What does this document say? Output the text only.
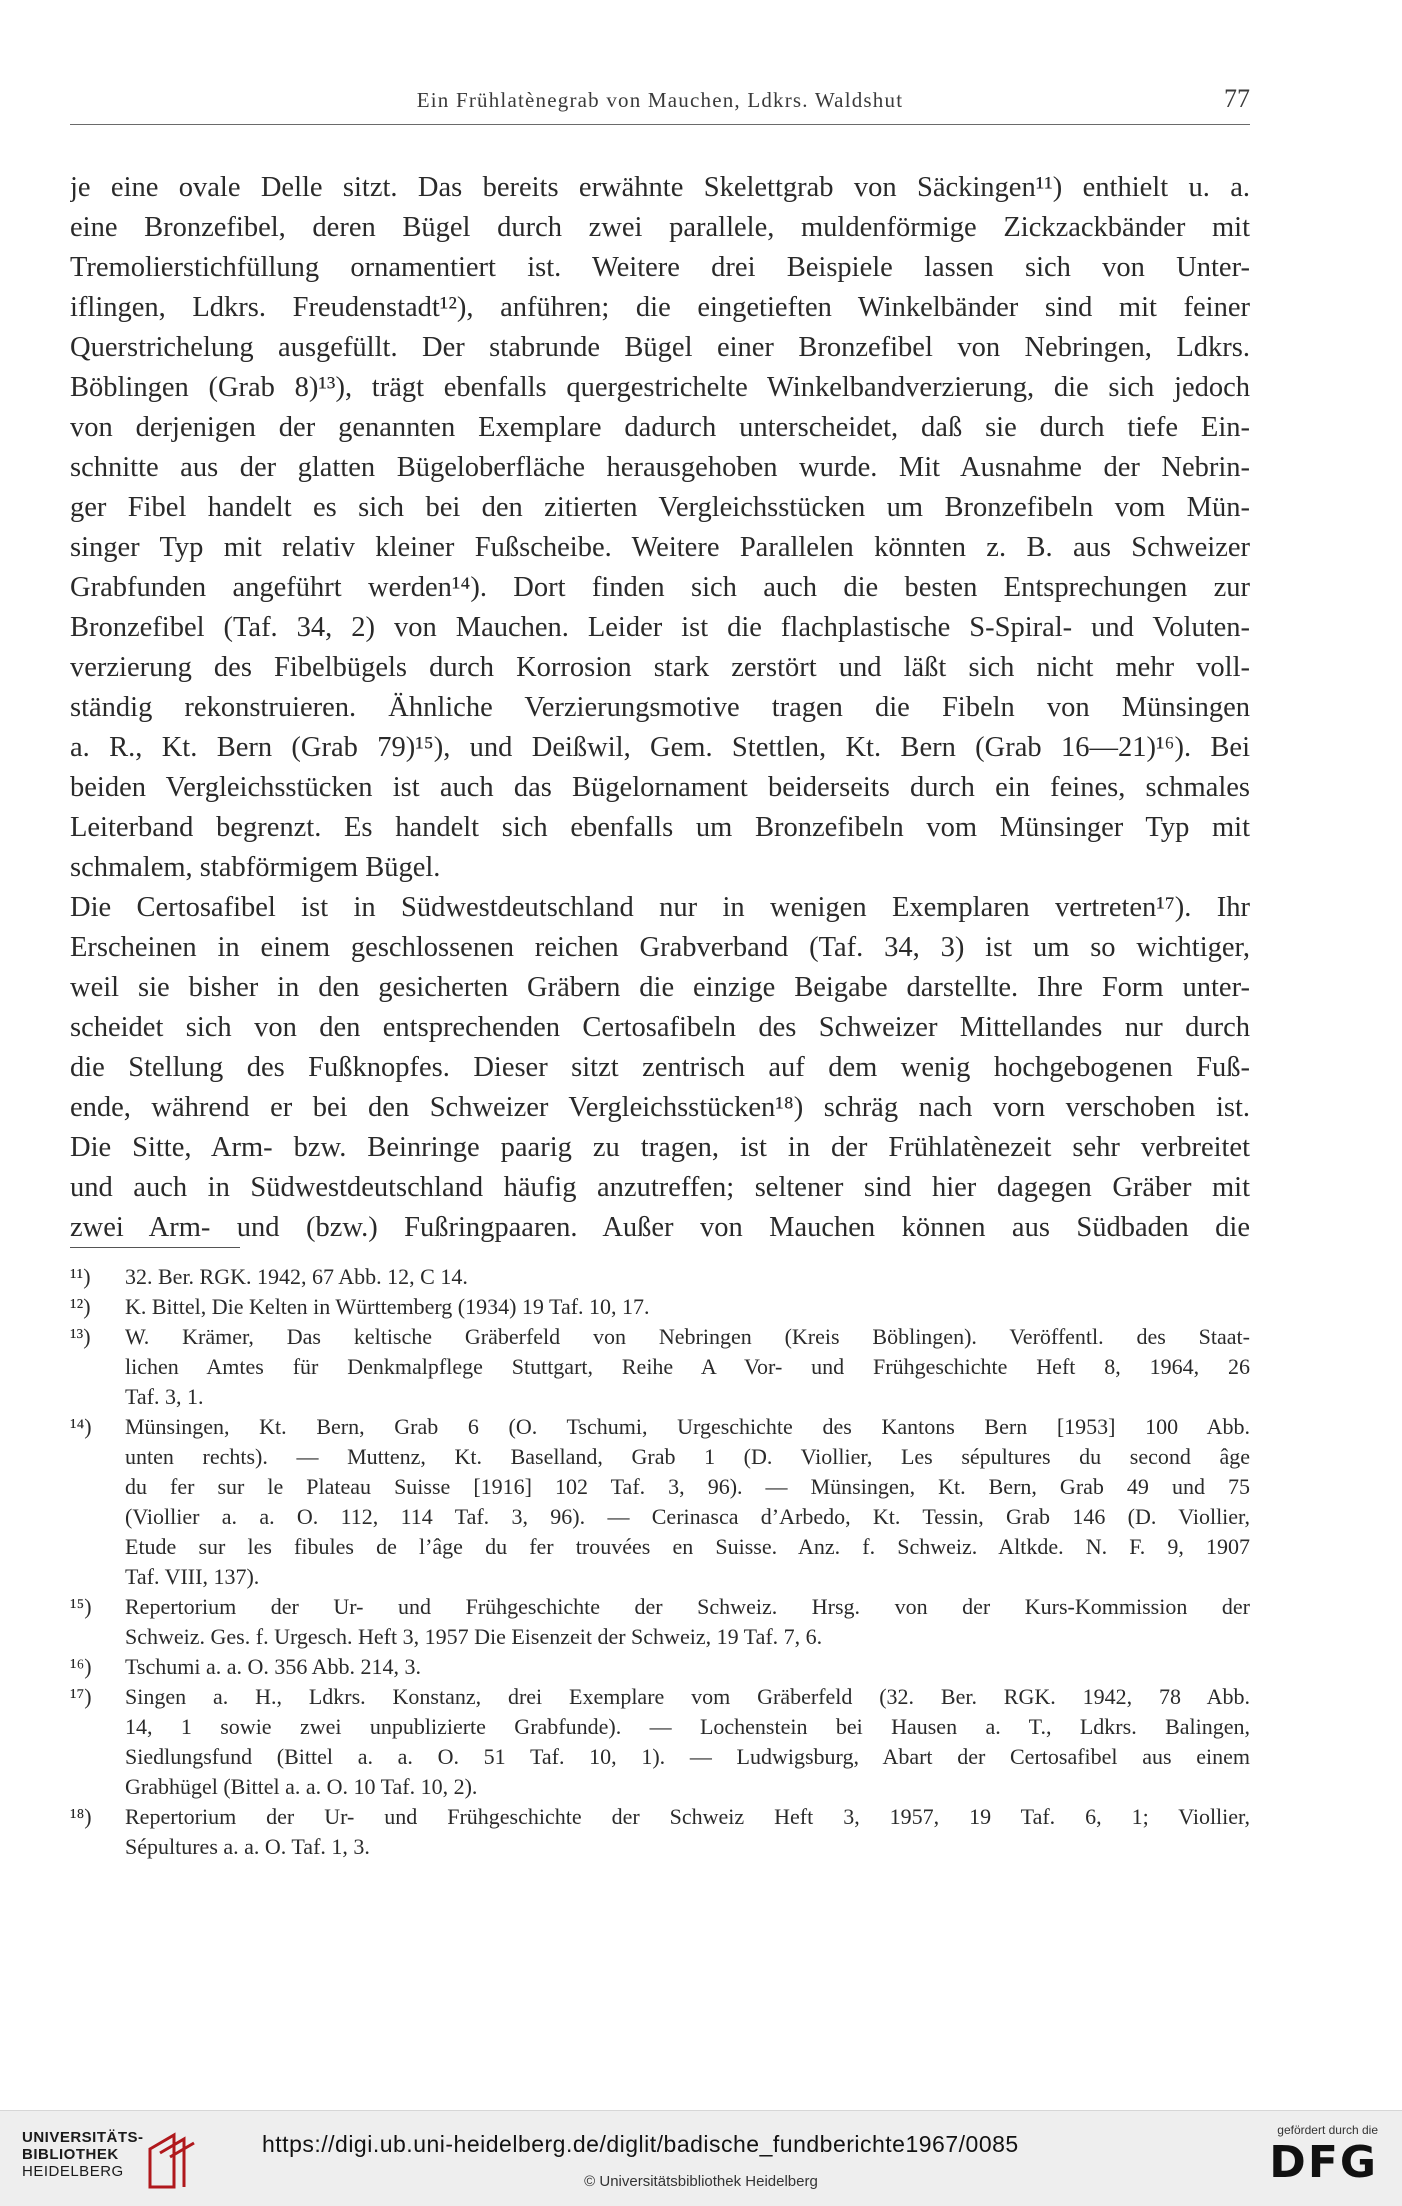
Ein Frühlatènegrab von Mauchen, Ldkrs. Waldshut	77
je eine ovale Delle sitzt. Das bereits erwähnte Skelettgrab von Säckingen¹¹) enthielt u. a.
eine Bronzefibel, deren Bügel durch zwei parallele, muldenförmige Zickzackbänder mit
Tremolierstichfüllung ornamentiert ist. Weitere drei Beispiele lassen sich von Unter-
iflingen, Ldkrs. Freudenstadt¹²), anführen; die eingetieften Winkelbänder sind mit feiner
Querstrichelung ausgefüllt. Der stabrunde Bügel einer Bronzefibel von Nebringen, Ldkrs.
Böblingen (Grab 8)¹³), trägt ebenfalls quergestrichelte Winkelbandverzierung, die sich jedoch
von derjenigen der genannten Exemplare dadurch unterscheidet, daß sie durch tiefe Ein-
schnitte aus der glatten Bügeloberfläche herausgehoben wurde. Mit Ausnahme der Nebrin-
ger Fibel handelt es sich bei den zitierten Vergleichsstücken um Bronzefibeln vom Mün-
singer Typ mit relativ kleiner Fußscheibe. Weitere Parallelen könnten z. B. aus Schweizer
Grabfunden angeführt werden¹⁴). Dort finden sich auch die besten Entsprechungen zur
Bronzefibel (Taf. 34, 2) von Mauchen. Leider ist die flachplastische S-Spiral- und Voluten-
verzierung des Fibelbügels durch Korrosion stark zerstört und läßt sich nicht mehr voll-
ständig rekonstruieren. Ähnliche Verzierungsmotive tragen die Fibeln von Münsingen
a. R., Kt. Bern (Grab 79)¹⁵), und Deißwil, Gem. Stettlen, Kt. Bern (Grab 16—21)¹⁶). Bei
beiden Vergleichsstücken ist auch das Bügelornament beiderseits durch ein feines, schmales
Leiterband begrenzt. Es handelt sich ebenfalls um Bronzefibeln vom Münsinger Typ mit
schmalem, stabförmigem Bügel.
Die Certosafibel ist in Südwestdeutschland nur in wenigen Exemplaren vertreten¹⁷). Ihr
Erscheinen in einem geschlossenen reichen Grabverband (Taf. 34, 3) ist um so wichtiger,
weil sie bisher in den gesicherten Gräbern die einzige Beigabe darstellte. Ihre Form unter-
scheidet sich von den entsprechenden Certosafibeln des Schweizer Mittellandes nur durch
die Stellung des Fußknopfes. Dieser sitzt zentrisch auf dem wenig hochgebogenen Fuß-
ende, während er bei den Schweizer Vergleichsstücken¹⁸) schräg nach vorn verschoben ist.
Die Sitte, Arm- bzw. Beinringe paarig zu tragen, ist in der Frühlatènezeit sehr verbreitet
und auch in Südwestdeutschland häufig anzutreffen; seltener sind hier dagegen Gräber mit
zwei Arm- und (bzw.) Fußringpaaren. Außer von Mauchen können aus Südbaden die
¹¹) 32. Ber. RGK. 1942, 67 Abb. 12, C 14.
¹²) K. Bittel, Die Kelten in Württemberg (1934) 19 Taf. 10, 17.
¹³) W. Krämer, Das keltische Gräberfeld von Nebringen (Kreis Böblingen). Veröffentl. des Staat-
lichen Amtes für Denkmalpflege Stuttgart, Reihe A Vor- und Frühgeschichte Heft 8, 1964, 26
Taf. 3, 1.
¹⁴) Münsingen, Kt. Bern, Grab 6 (O. Tschumi, Urgeschichte des Kantons Bern [1953] 100 Abb.
unten rechts). — Muttenz, Kt. Baselland, Grab 1 (D. Viollier, Les sépultures du second âge
du fer sur le Plateau Suisse [1916] 102 Taf. 3, 96). — Münsingen, Kt. Bern, Grab 49 und 75
(Viollier a. a. O. 112, 114 Taf. 3, 96). — Cerinasca d’Arbedo, Kt. Tessin, Grab 146 (D. Viollier,
Etude sur les fibules de l’âge du fer trouvées en Suisse. Anz. f. Schweiz. Altkde. N. F. 9, 1907
Taf. VIII, 137).
¹⁵) Repertorium der Ur- und Frühgeschichte der Schweiz. Hrsg. von der Kurs-Kommission der
Schweiz. Ges. f. Urgesch. Heft 3, 1957 Die Eisenzeit der Schweiz, 19 Taf. 7, 6.
¹⁶) Tschumi a. a. O. 356 Abb. 214, 3.
¹⁷) Singen a. H., Ldkrs. Konstanz, drei Exemplare vom Gräberfeld (32. Ber. RGK. 1942, 78 Abb.
14, 1 sowie zwei unpublizierte Grabfunde). — Lochenstein bei Hausen a. T., Ldkrs. Balingen,
Siedlungsfund (Bittel a. a. O. 51 Taf. 10, 1). — Ludwigsburg, Abart der Certosafibel aus einem
Grabhügel (Bittel a. a. O. 10 Taf. 10, 2).
¹⁸) Repertorium der Ur- und Frühgeschichte der Schweiz Heft 3, 1957, 19 Taf. 6, 1; Viollier,
Sépultures a. a. O. Taf. 1, 3.
UNIVERSITÄTS-
BIBLIOTHEK
HEIDELBERG
https://digi.ub.uni-heidelberg.de/diglit/badische_fundberichte1967/0085
© Universitätsbibliothek Heidelberg
gefördert durch die
DFG
